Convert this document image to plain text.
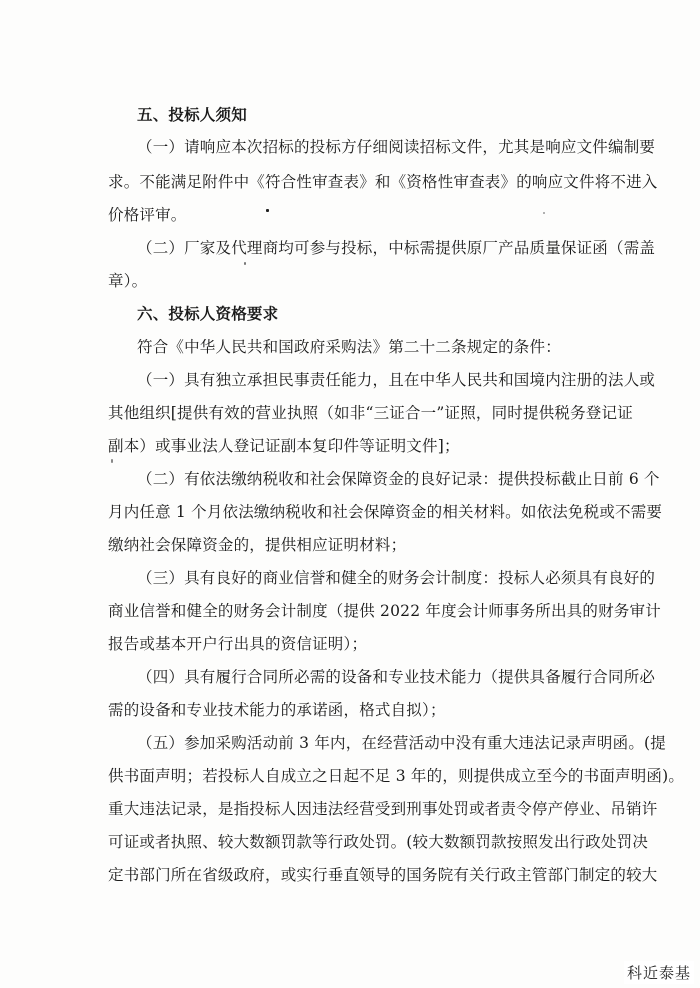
五、投标人须知
（一）请响应本次招标的投标方仔细阅读招标文件，尤其是响应文件编制要
求。不能满足附件中《符合性审查表》和《资格性审查表》的响应文件将不进入
价格评审。
（二）厂家及代理商均可参与投标，中标需提供原厂产品质量保证函（需盖
章）。
六、投标人资格要求
符合《中华人民共和国政府采购法》第二十二条规定的条件：
（一）具有独立承担民事责任能力，且在中华人民共和国境内注册的法人或
其他组织[提供有效的营业执照（如非“三证合一”证照，同时提供税务登记证
副本）或事业法人登记证副本复印件等证明文件]；
（二）有依法缴纳税收和社会保障资金的良好记录：提供投标截止日前 6 个
月内任意 1 个月依法缴纳税收和社会保障资金的相关材料。如依法免税或不需要
缴纳社会保障资金的，提供相应证明材料；
（三）具有良好的商业信誉和健全的财务会计制度：投标人必须具有良好的
商业信誉和健全的财务会计制度（提供 2022 年度会计师事务所出具的财务审计
报告或基本开户行出具的资信证明）；
（四）具有履行合同所必需的设备和专业技术能力（提供具备履行合同所必
需的设备和专业技术能力的承诺函，格式自拟）；
（五）参加采购活动前 3 年内，在经营活动中没有重大违法记录声明函。(提
供书面声明；若投标人自成立之日起不足 3 年的，则提供成立至今的书面声明函)。
重大违法记录，是指投标人因违法经营受到刑事处罚或者责令停产停业、吊销许
可证或者执照、较大数额罚款等行政处罚。(较大数额罚款按照发出行政处罚决
定书部门所在省级政府，或实行垂直领导的国务院有关行政主管部门制定的较大
科近泰基
